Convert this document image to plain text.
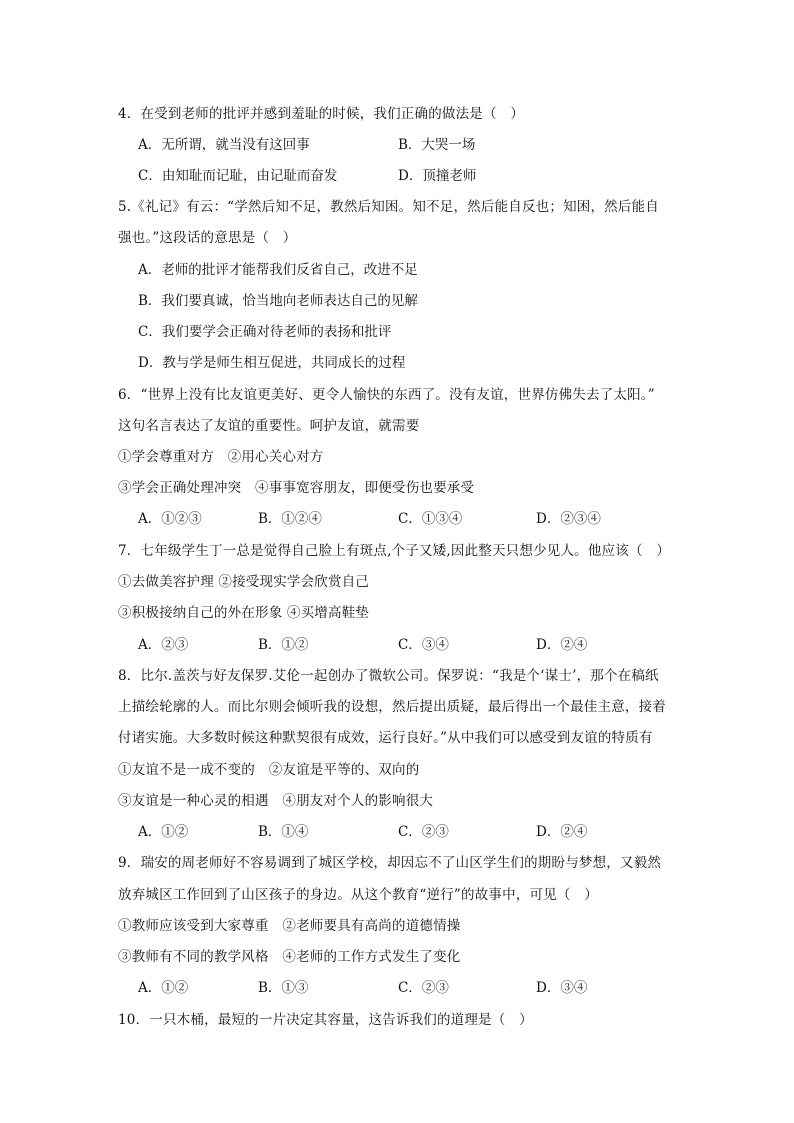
4．在受到老师的批评并感到羞耻的时候，我们正确的做法是（　）
A．无所谓，就当没有这回事	B．大哭一场
C．由知耻而记耻，由记耻而奋发	D．顶撞老师
5.《礼记》有云：“学然后知不足，教然后知困。知不足，然后能自反也；知困，然后能自
强也。”这段话的意思是（　）
A．老师的批评才能帮我们反省自己，改进不足
B．我们要真诚，恰当地向老师表达自己的见解
C．我们要学会正确对待老师的表扬和批评
D．教与学是师生相互促进，共同成长的过程
6．“世界上没有比友谊更美好、更令人愉快的东西了。没有友谊，世界仿佛失去了太阳。”
这句名言表达了友谊的重要性。呵护友谊，就需要
①学会尊重对方　②用心关心对方
③学会正确处理冲突　④事事宽容朋友，即便受伤也要承受
A．①②③	B．①②④	C．①③④	D．②③④
7．七年级学生丁一总是觉得自己脸上有斑点,个子又矮,因此整天只想少见人。他应该（　）
①去做美容护理 ②接受现实学会欣赏自己
③积极接纳自己的外在形象 ④买增高鞋垫
A．②③	B．①②	C．③④	D．②④
8．比尔.盖茨与好友保罗.艾伦一起创办了微软公司。保罗说：“我是个‘谋士’，那个在稿纸
上描绘轮廓的人。而比尔则会倾听我的设想，然后提出质疑，最后得出一个最佳主意，接着
付诸实施。大多数时候这种默契很有成效，运行良好。”从中我们可以感受到友谊的特质有
①友谊不是一成不变的　②友谊是平等的、双向的
③友谊是一种心灵的相遇　④朋友对个人的影响很大
A．①②	B．①④	C．②③	D．②④
9．瑞安的周老师好不容易调到了城区学校，却因忘不了山区学生们的期盼与梦想，又毅然
放弃城区工作回到了山区孩子的身边。从这个教育“逆行”的故事中，可见（　）
①教师应该受到大家尊重　②老师要具有高尚的道德情操
③教师有不同的教学风格　④老师的工作方式发生了变化
A．①②	B．①③	C．②③	D．③④
10．一只木桶，最短的一片决定其容量，这告诉我们的道理是（　）
